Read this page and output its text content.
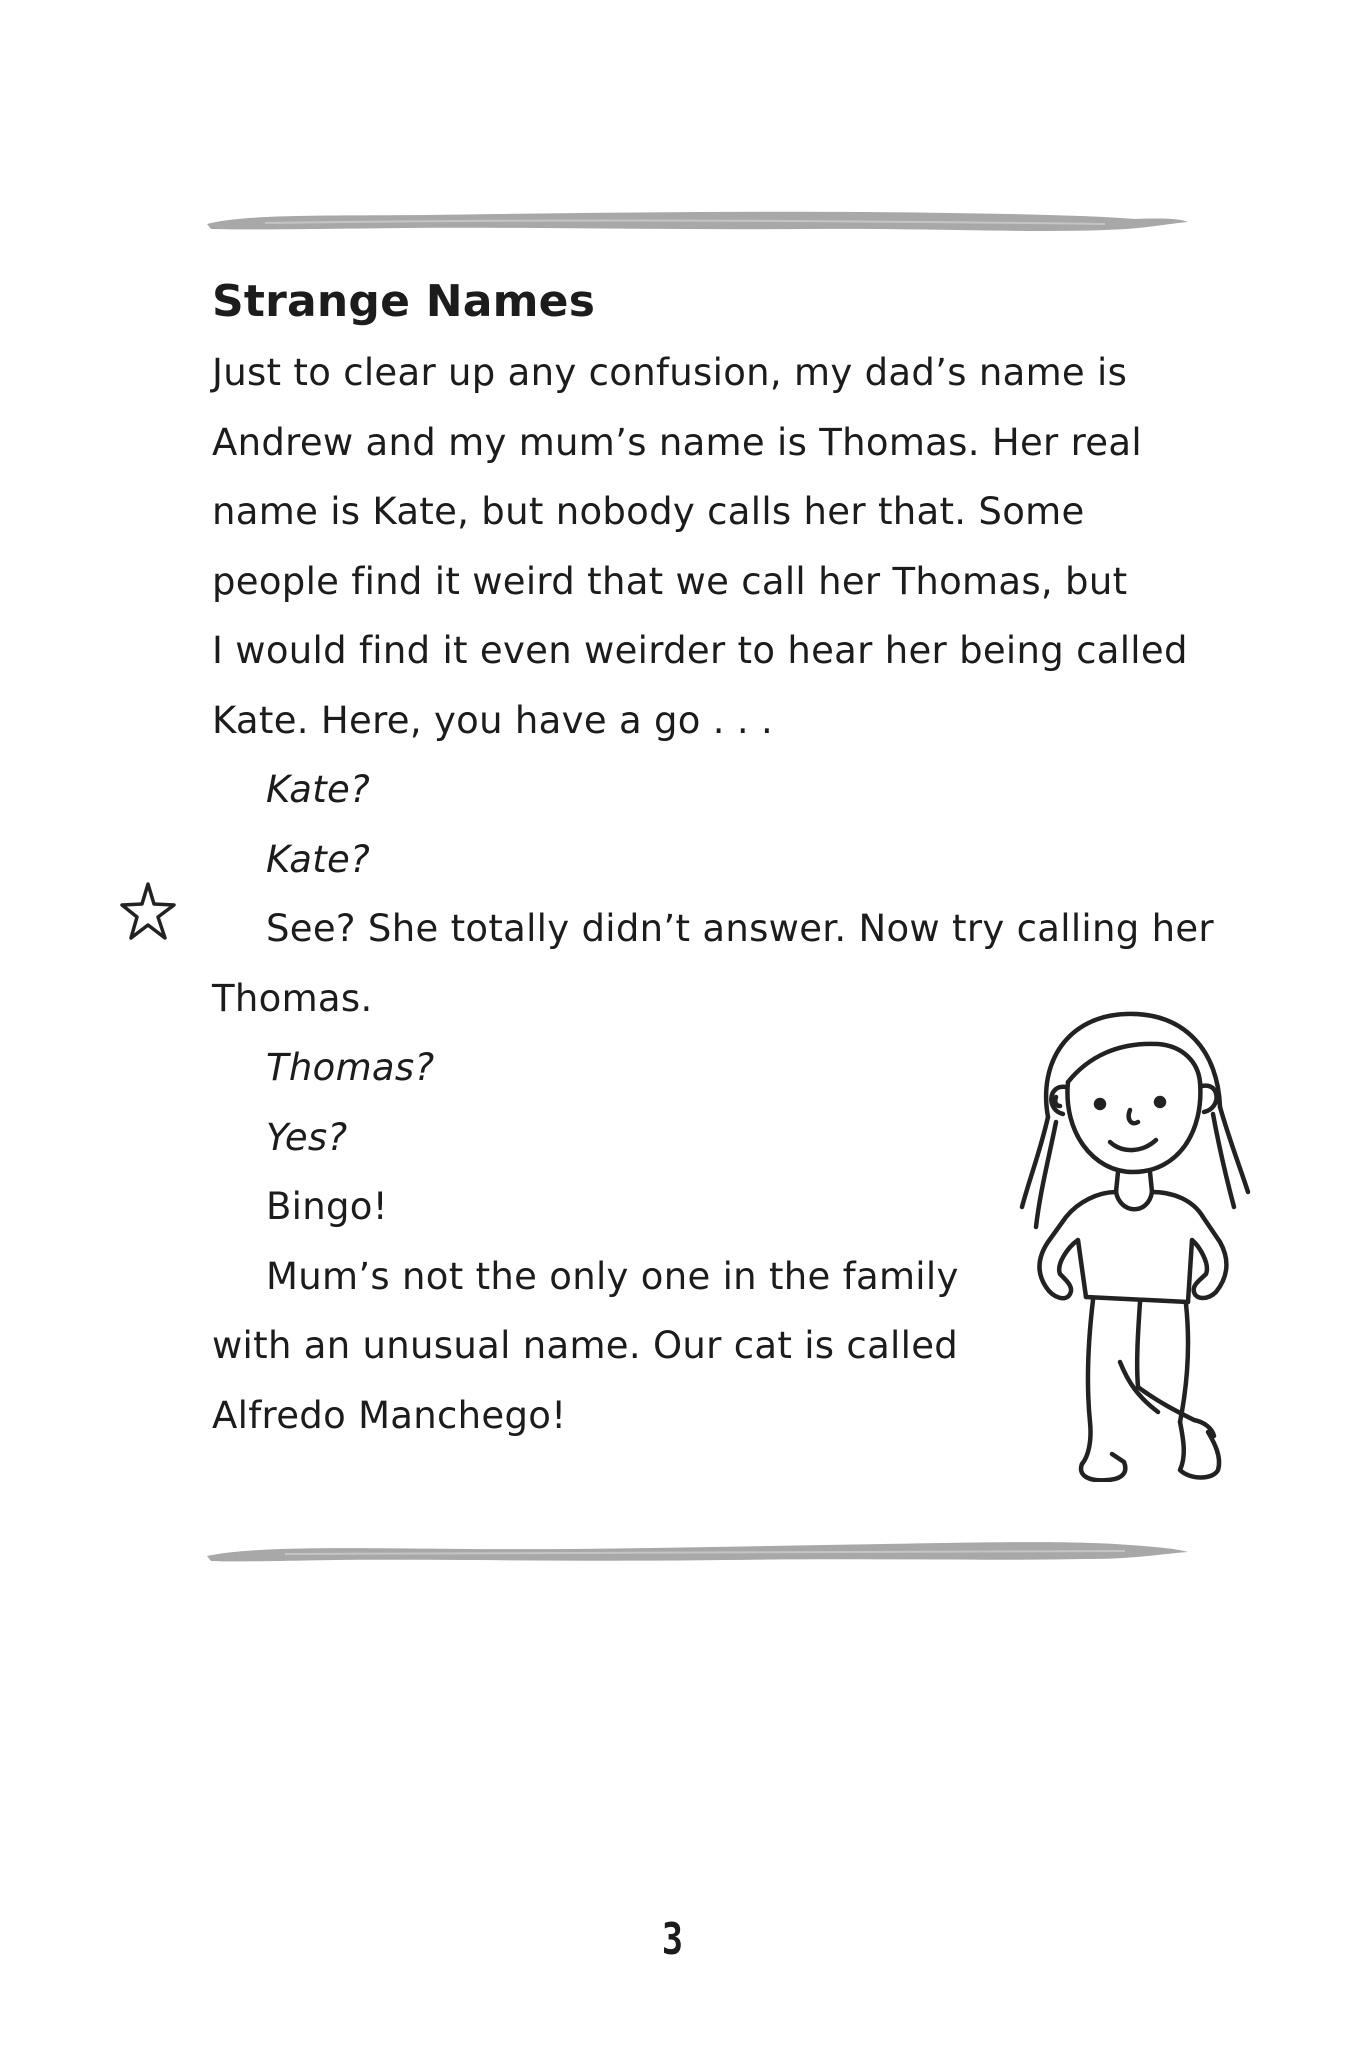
Strange Names
Just to clear up any confusion, my dad’s name is
Andrew and my mum’s name is Thomas. Her real
name is Kate, but nobody calls her that. Some
people find it weird that we call her Thomas, but
I would find it even weirder to hear her being called
Kate. Here, you have a go . . .
Kate?
Kate?
See? She totally didn’t answer. Now try calling her
Thomas.
Thomas?
Yes?
Bingo!
Mum’s not the only one in the family
with an unusual name. Our cat is called
Alfredo Manchego!
3
